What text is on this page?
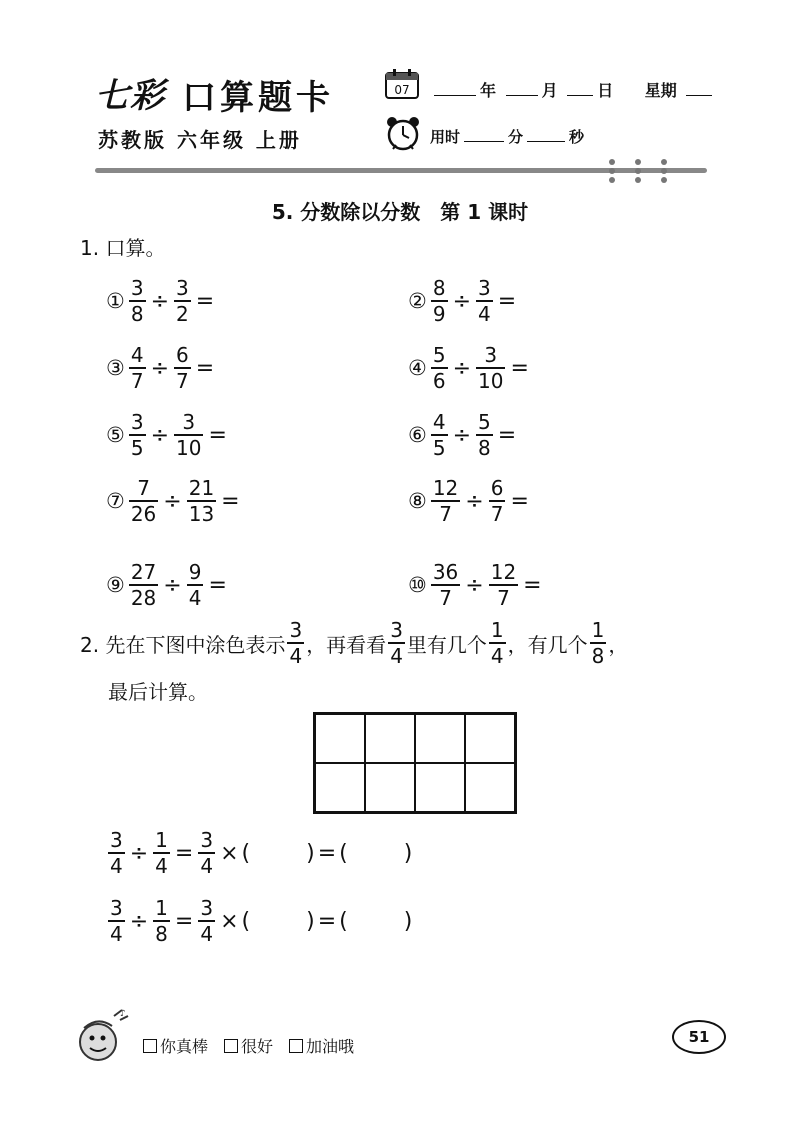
七彩 口算题卡
苏教版 六年级 上册
07	年	月 日 星期
用时	分	秒
5. 分数除以分数　第 1 课时
1. 口算。
① $\frac{3}{8} \div \frac{3}{2}$ =	② $\frac{8}{9} \div \frac{3}{4}$ =
③ $\frac{4}{7} \div \frac{6}{7}$ =	④ $\frac{5}{6} \div \frac{3}{10}$ =
⑤ $\frac{3}{5} \div \frac{3}{10}$ =	⑥ $\frac{4}{5} \div \frac{5}{8}$ =
⑦ $\frac{7}{26} \div \frac{21}{13}$ =	⑧ $\frac{12}{7} \div \frac{6}{7}$ =
⑨ $\frac{27}{28} \div \frac{9}{4}$ =	⑩ $\frac{36}{7} \div \frac{12}{7}$ =
2. 先在下图中涂色表示 $\frac{3}{4}$ ，再看看 $\frac{3}{4}$ 里有几个 $\frac{1}{4}$ ，有几个 $\frac{1}{8}$ ，
最后计算。
$\frac{3}{4} \div \frac{1}{4} = \frac{3}{4}$ × (	) = (	)
$\frac{3}{4} \div \frac{1}{8} = \frac{3}{4}$ × (	) = (	)
♪
你真棒	很好	加油哦	51
